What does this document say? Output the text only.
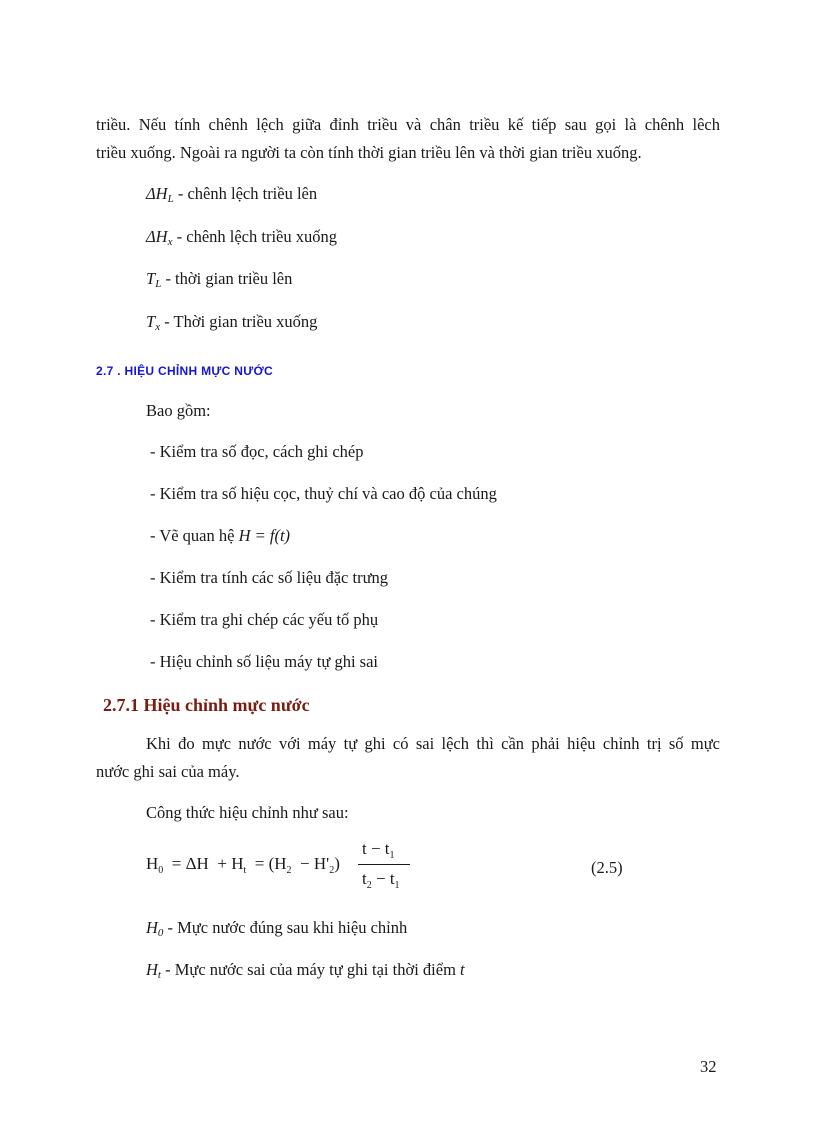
triều. Nếu tính chênh lệch giữa đỉnh triều và chân triều kế tiếp sau gọi là chênh lêch
triều xuống. Ngoài ra người ta còn tính thời gian triều lên và thời gian triều xuống.
$\Delta H_L$ - chênh lệch triều lên
$\Delta H_x$ - chênh lệch triều xuống
$T_L$ - thời gian triều lên
$T_x$ - Thời gian triều xuống
2.7 . HIỆU CHỈNH MỰC NƯỚC
Bao gồm:
- Kiểm tra số đọc, cách ghi chép
- Kiểm tra số hiệu cọc, thuỷ chí và cao độ của chúng
- Vẽ quan hệ H = f(t)
- Kiểm tra tính các số liệu đặc trưng
- Kiểm tra ghi chép các yếu tố phụ
- Hiệu chỉnh số liệu máy tự ghi sai
2.7.1 Hiệu chỉnh mực nước
Khi đo mực nước với máy tự ghi có sai lệch thì cần phải hiệu chỉnh trị số mực
nước ghi sai của máy.
Công thức hiệu chỉnh như sau:
$H_0 = \Delta H + H_t = (H_2 - H'_2)$
$t - t_1$
$t_2 - t_1$
(2.5)
$H_0$ - Mực nước đúng sau khi hiệu chỉnh
$H_t$ - Mực nước sai của máy tự ghi tại thời điểm t
32
